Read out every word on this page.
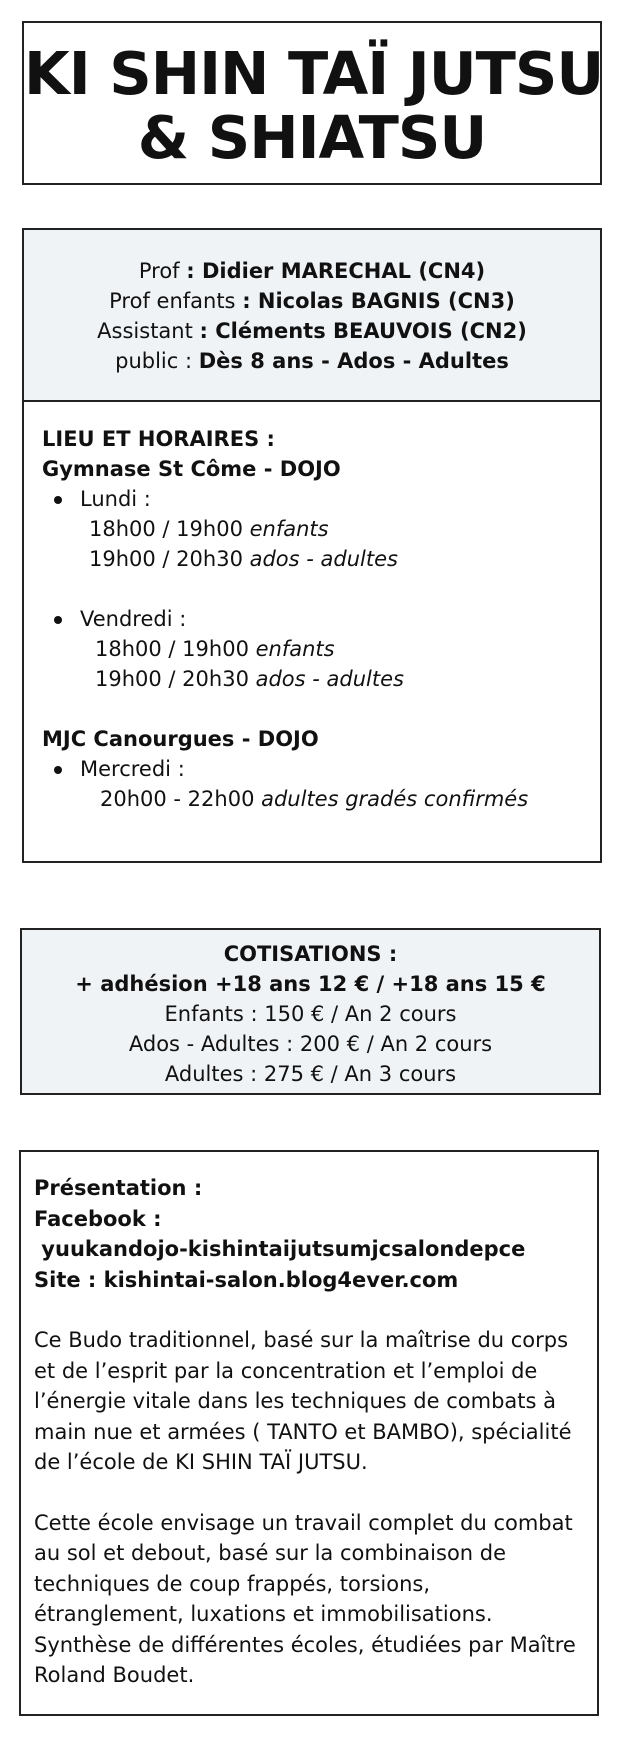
KI SHIN TAÏ JUTSU
& SHIATSU
Prof : Didier MARECHAL (CN4)
Prof enfants : Nicolas BAGNIS (CN3)
Assistant : Cléments BEAUVOIS (CN2)
public : Dès 8 ans - Ados - Adultes
LIEU ET HORAIRES :
Gymnase St Côme - DOJO
Lundi :
18h00 / 19h00 enfants
19h00 / 20h30 ados - adultes
Vendredi :
18h00 / 19h00 enfants
19h00 / 20h30 ados - adultes
MJC Canourgues - DOJO
Mercredi :
20h00 - 22h00 adultes gradés confirmés
COTISATIONS :
+ adhésion +18 ans 12 € / +18 ans 15 €
Enfants : 150 € / An 2 cours
Ados - Adultes : 200 € / An 2 cours
Adultes : 275 € / An 3 cours
Présentation :
Facebook :
yuukandojo-kishintaijutsumjcsalondepce
Site : kishintai-salon.blog4ever.com
Ce Budo traditionnel, basé sur la maîtrise du corps et de l’esprit par la concentration et l’emploi de l’énergie vitale dans les techniques de combats à main nue et armées ( TANTO et BAMBO), spécialité de l’école de KI SHIN TAÏ JUTSU.
Cette école envisage un travail complet du combat au sol et debout, basé sur la combinaison de techniques de coup frappés, torsions, étranglement, luxations et immobilisations. Synthèse de différentes écoles, étudiées par Maître Roland Boudet.
